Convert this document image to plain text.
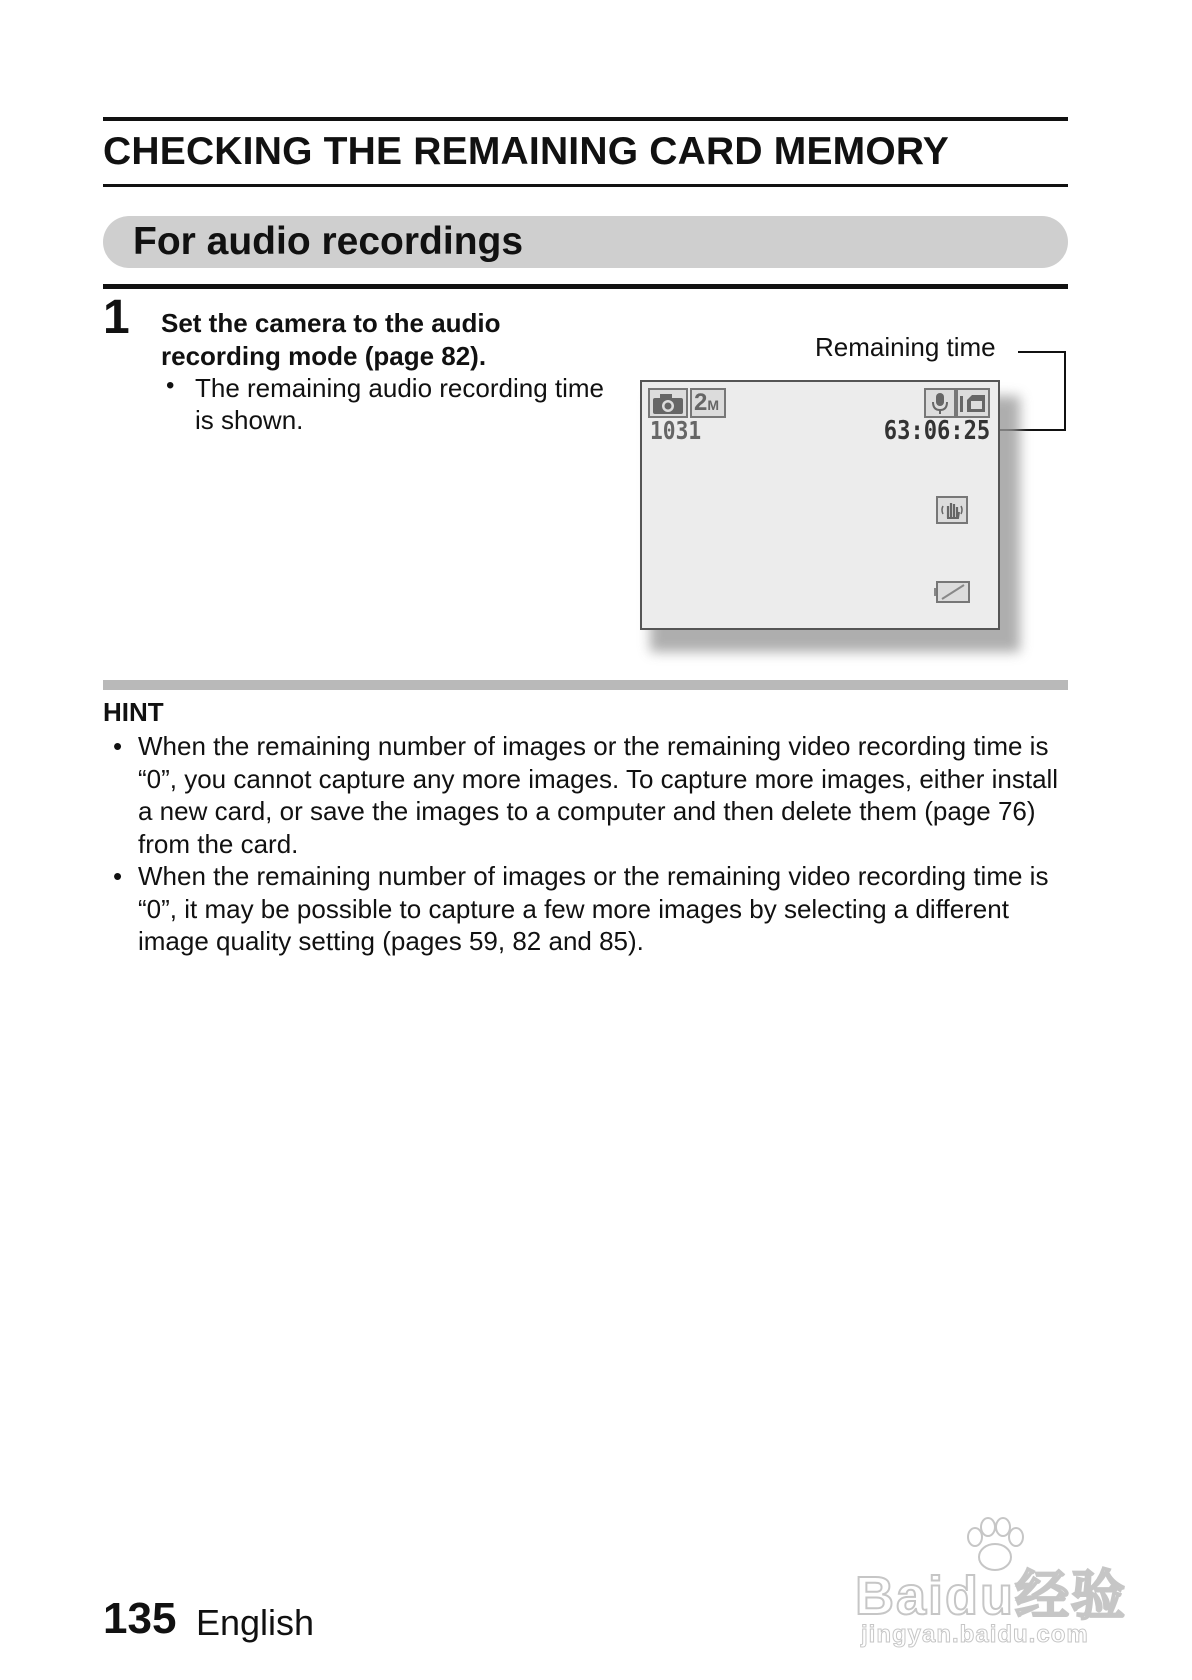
CHECKING THE REMAINING CARD MEMORY
For audio recordings
1 Set the camera to the audio recording mode (page 82).
• The remaining audio recording time is shown.
Remaining time
2M
1031	63:06:25
HINT
• When the remaining number of images or the remaining video recording time is “0”, you cannot capture any more images. To capture more images, either install a new card, or save the images to a computer and then delete them (page 76) from the card.
• When the remaining number of images or the remaining video recording time is “0”, it may be possible to capture a few more images by selecting a different image quality setting (pages 59, 82 and 85).
135 English	Baidu经验
jingyan.baidu.com
